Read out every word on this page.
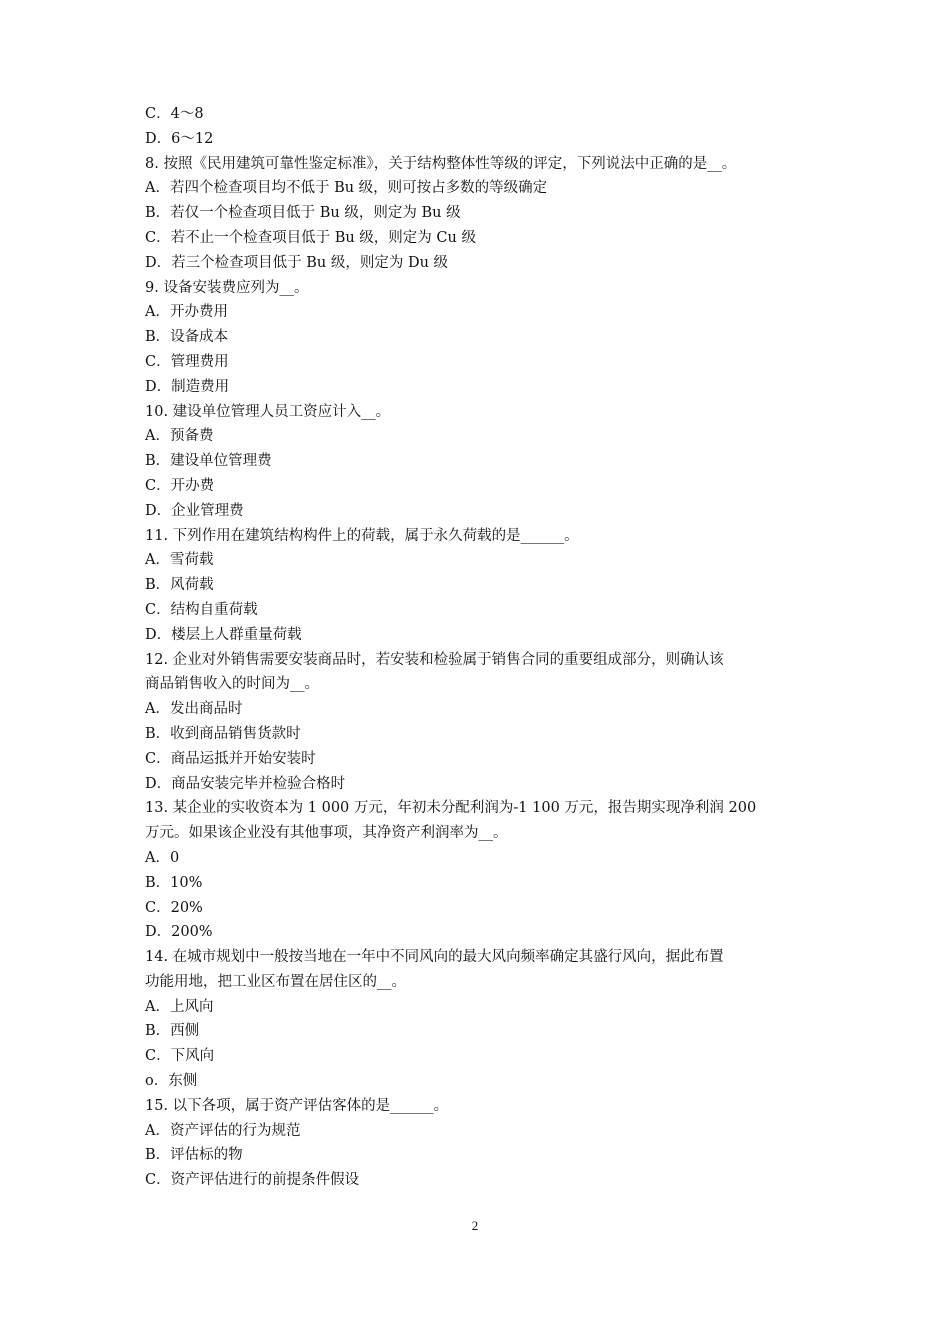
C．4～8
D．6～12
8. 按照《民用建筑可靠性鉴定标准》，关于结构整体性等级的评定，下列说法中正确的是__。
A．若四个检查项目均不低于 Bu 级，则可按占多数的等级确定
B．若仅一个检查项目低于 Bu 级，则定为 Bu 级
C．若不止一个检查项目低于 Bu 级，则定为 Cu 级
D．若三个检查项目低于 Bu 级，则定为 Du 级
9. 设备安装费应列为__。
A．开办费用
B．设备成本
C．管理费用
D．制造费用
10. 建设单位管理人员工资应计入__。
A．预备费
B．建设单位管理费
C．开办费
D．企业管理费
11. 下列作用在建筑结构构件上的荷载，属于永久荷载的是______。
A．雪荷载
B．风荷载
C．结构自重荷载
D．楼层上人群重量荷载
12. 企业对外销售需要安装商品时，若安装和检验属于销售合同的重要组成部分，则确认该
商品销售收入的时间为__。
A．发出商品时
B．收到商品销售货款时
C．商品运抵并开始安装时
D．商品安装完毕并检验合格时
13. 某企业的实收资本为 1 000 万元，年初未分配利润为-1 100 万元，报告期实现净利润 200
万元。如果该企业没有其他事项，其净资产利润率为__。
A．0
B．10%
C．20%
D．200%
14. 在城市规划中一般按当地在一年中不同风向的最大风向频率确定其盛行风向，据此布置
功能用地，把工业区布置在居住区的__。
A．上风向
B．西侧
C．下风向
o．东侧
15. 以下各项，属于资产评估客体的是______。
A．资产评估的行为规范
B．评估标的物
C．资产评估进行的前提条件假设
2
